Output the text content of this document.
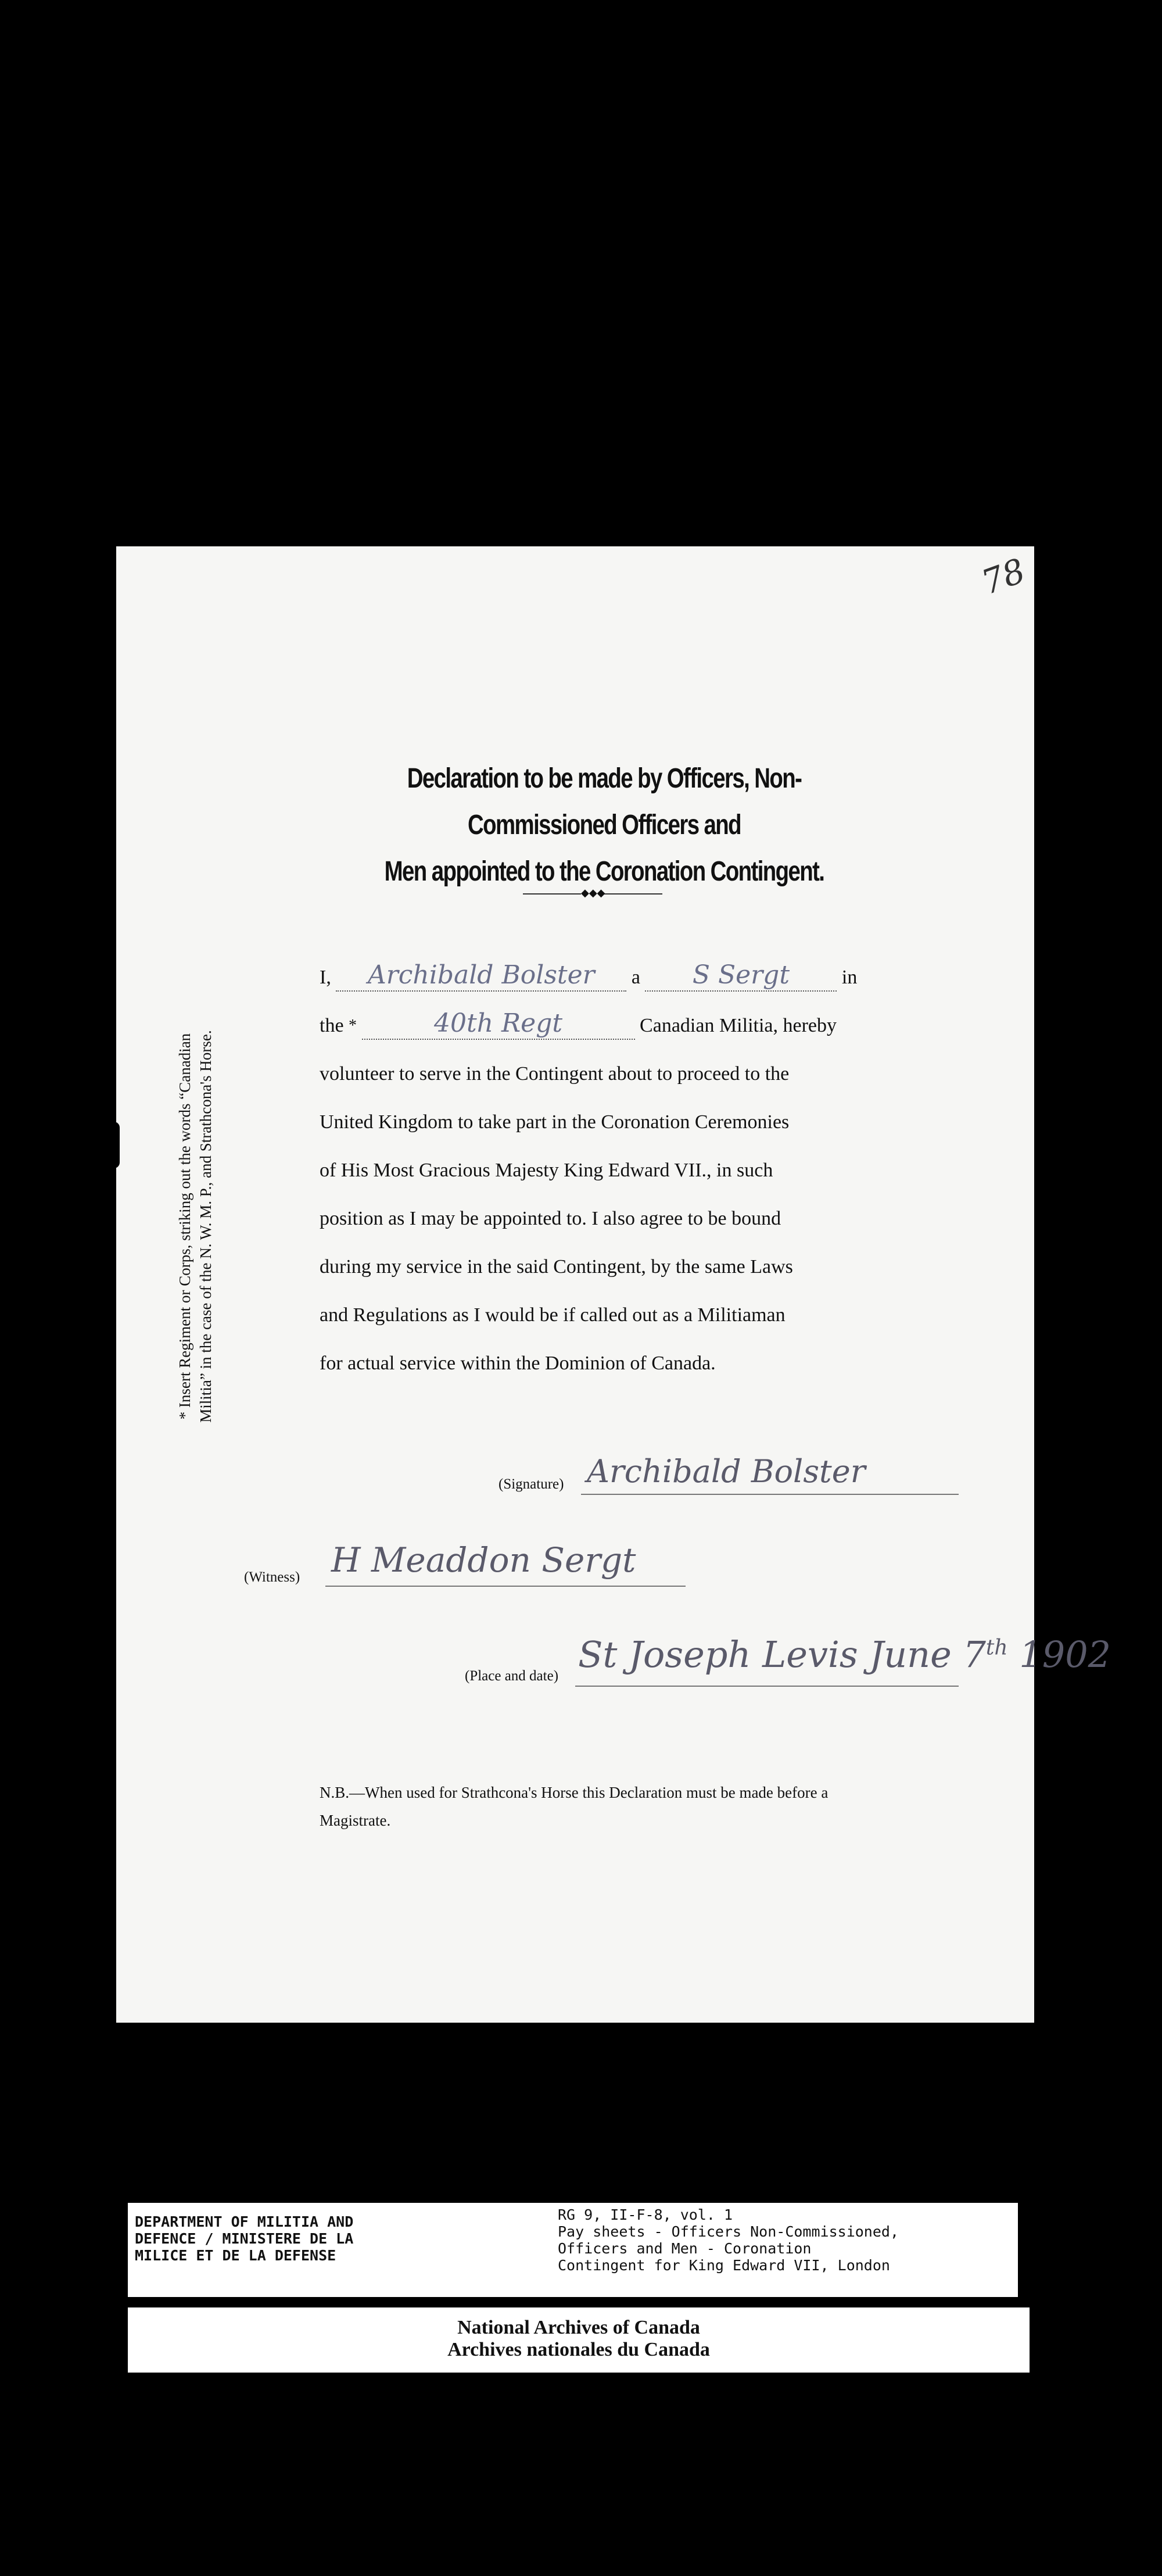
78
Declaration to be made by Officers, Non-Commissioned Officers and
Men appointed to the Coronation Contingent.
◆◆◆
I, Archibald Bolster a S Sergt	in
the *	40th Regt	Canadian Militia, hereby
volunteer to serve in the Contingent about to proceed to the
United Kingdom to take part in the Coronation Ceremonies
of His Most Gracious Majesty King Edward VII., in such
position as I may be appointed to. I also agree to be bound
during my service in the said Contingent, by the same Laws
and Regulations as I would be if called out as a Militiaman
for actual service within the Dominion of Canada.
* Insert Regiment or Corps, striking out the words “Canadian Militia” in the case of the N. W. M. P., and Strathcona's Horse.
(Signature) Archibald Bolster
(Witness) H Meaddon Sergt
(Place and date)
St Joseph Levis June 7th 1902
N.B.—When used for Strathcona's Horse this Declaration must be made before a Magistrate.
DEPARTMENT OF MILITIA AND
DEFENCE / MINISTERE DE LA
MILICE ET DE LA DEFENSE
RG 9, II-F-8, vol. 1
Pay sheets - Officers Non-Commissioned,
Officers and Men - Coronation
Contingent for King Edward VII, London
National Archives of Canada
Archives nationales du Canada
